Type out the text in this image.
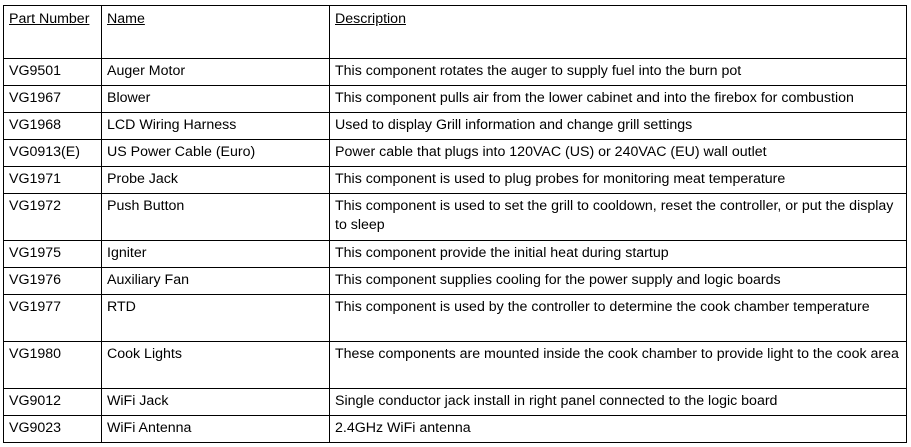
Part Number	Name	Description
VG9501	Auger Motor	This component rotates the auger to supply fuel into the burn pot
VG1967	Blower	This component pulls air from the lower cabinet and into the firebox for combustion
VG1968	LCD Wiring Harness	Used to display Grill information and change grill settings
VG0913(E)	US Power Cable (Euro)	Power cable that plugs into 120VAC (US) or 240VAC (EU) wall outlet
VG1971	Probe Jack	This component is used to plug probes for monitoring meat temperature
VG1972	Push Button	This component is used to set the grill to cooldown, reset the controller, or put the display to sleep
VG1975	Igniter	This component provide the initial heat during startup
VG1976	Auxiliary Fan	This component supplies cooling for the power supply and logic boards
VG1977	RTD	This component is used by the controller to determine the cook chamber temperature
VG1980	Cook Lights	These components are mounted inside the cook chamber to provide light to the cook area
VG9012	WiFi Jack	Single conductor jack install in right panel connected to the logic board
VG9023	WiFi Antenna	2.4GHz WiFi antenna
